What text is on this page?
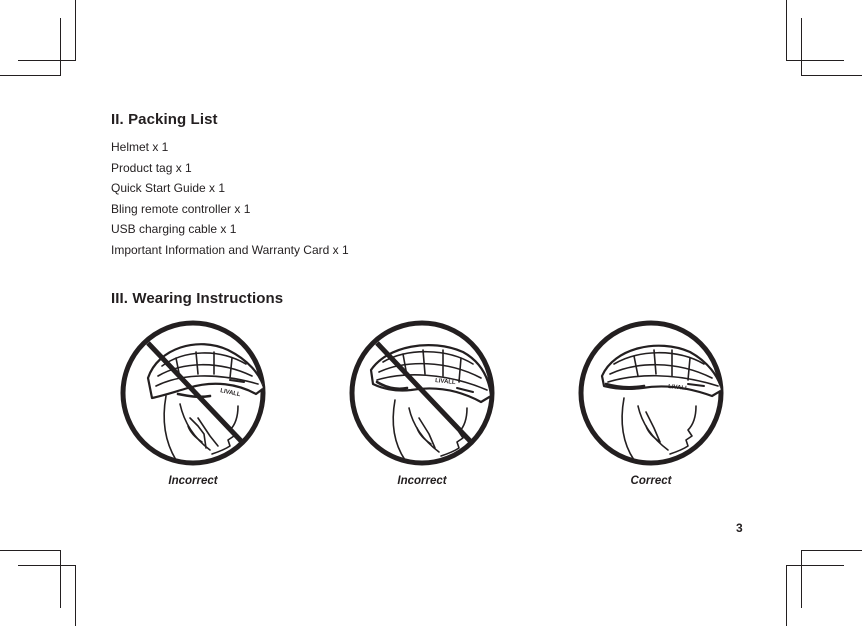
II. Packing List
Helmet x 1
Product tag x 1
Quick Start Guide x 1
Bling remote controller x 1
USB charging cable x 1
Important Information and Warranty Card x 1
III. Wearing Instructions
LIVALL
Incorrect
LIVALL
Incorrect
LIVALL
Correct
3
